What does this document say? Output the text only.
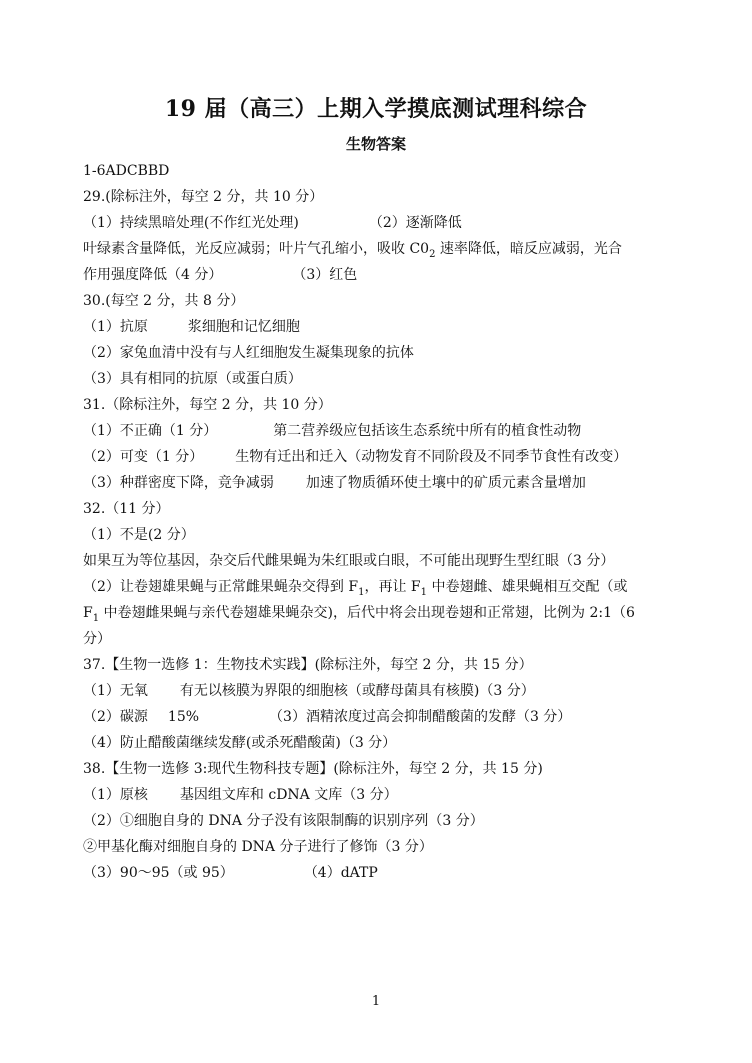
19 届（高三）上期入学摸底测试理科综合
生物答案
1-6ADCBBD
29.(除标注外，每空 2 分，共 10 分）
（1）持续黑暗处理(不作红光处理)	（2）逐渐降低
叶绿素含量降低，光反应减弱；叶片气孔缩小，吸收 $C0_2$ 速率降低，暗反应减弱，光合
作用强度降低（4 分）	（3）红色
30.(每空 2 分，共 8 分）
（1）抗原	浆细胞和记忆细胞
（2）家兔血清中没有与人红细胞发生凝集现象的抗体
（3）具有相同的抗原（或蛋白质）
31.（除标注外，每空 2 分，共 10 分）
（1）不正确（1 分）	第二营养级应包括该生态系统中所有的植食性动物
（2）可变（1 分） 生物有迁出和迁入（动物发育不同阶段及不同季节食性有改变）
（3）种群密度下降，竞争减弱 加速了物质循环使土壤中的矿质元素含量增加
32.（11 分）
（1）不是(2 分）
如果互为等位基因，杂交后代雌果蝇为朱红眼或白眼，不可能出现野生型红眼（3 分）
（2）让卷翅雄果蝇与正常雌果蝇杂交得到 $F_1$，再让 $F_1$ 中卷翅雌、雄果蝇相互交配（或
$F_1$ 中卷翅雌果蝇与亲代卷翅雄果蝇杂交)，后代中将会出现卷翅和正常翅，比例为 2:1（6
分）
37.【生物一选修 1：生物技术实践】(除标注外，每空 2 分，共 15 分）
（1）无氧 有无以核膜为界限的细胞核（或酵母菌具有核膜)（3 分）
（2）碳源 15%	（3）酒精浓度过高会抑制醋酸菌的发酵（3 分）
（4）防止醋酸菌继续发酵(或杀死醋酸菌)（3 分）
38.【生物一选修 3:现代生物科技专题】(除标注外，每空 2 分，共 15 分)
（1）原核 基因组文库和 cDNA 文库（3 分）
（2）①细胞自身的 DNA 分子没有该限制酶的识别序列（3 分）
②甲基化酶对细胞自身的 DNA 分子进行了修饰（3 分）
（3）90～95（或 95）	（4）dATP
1
